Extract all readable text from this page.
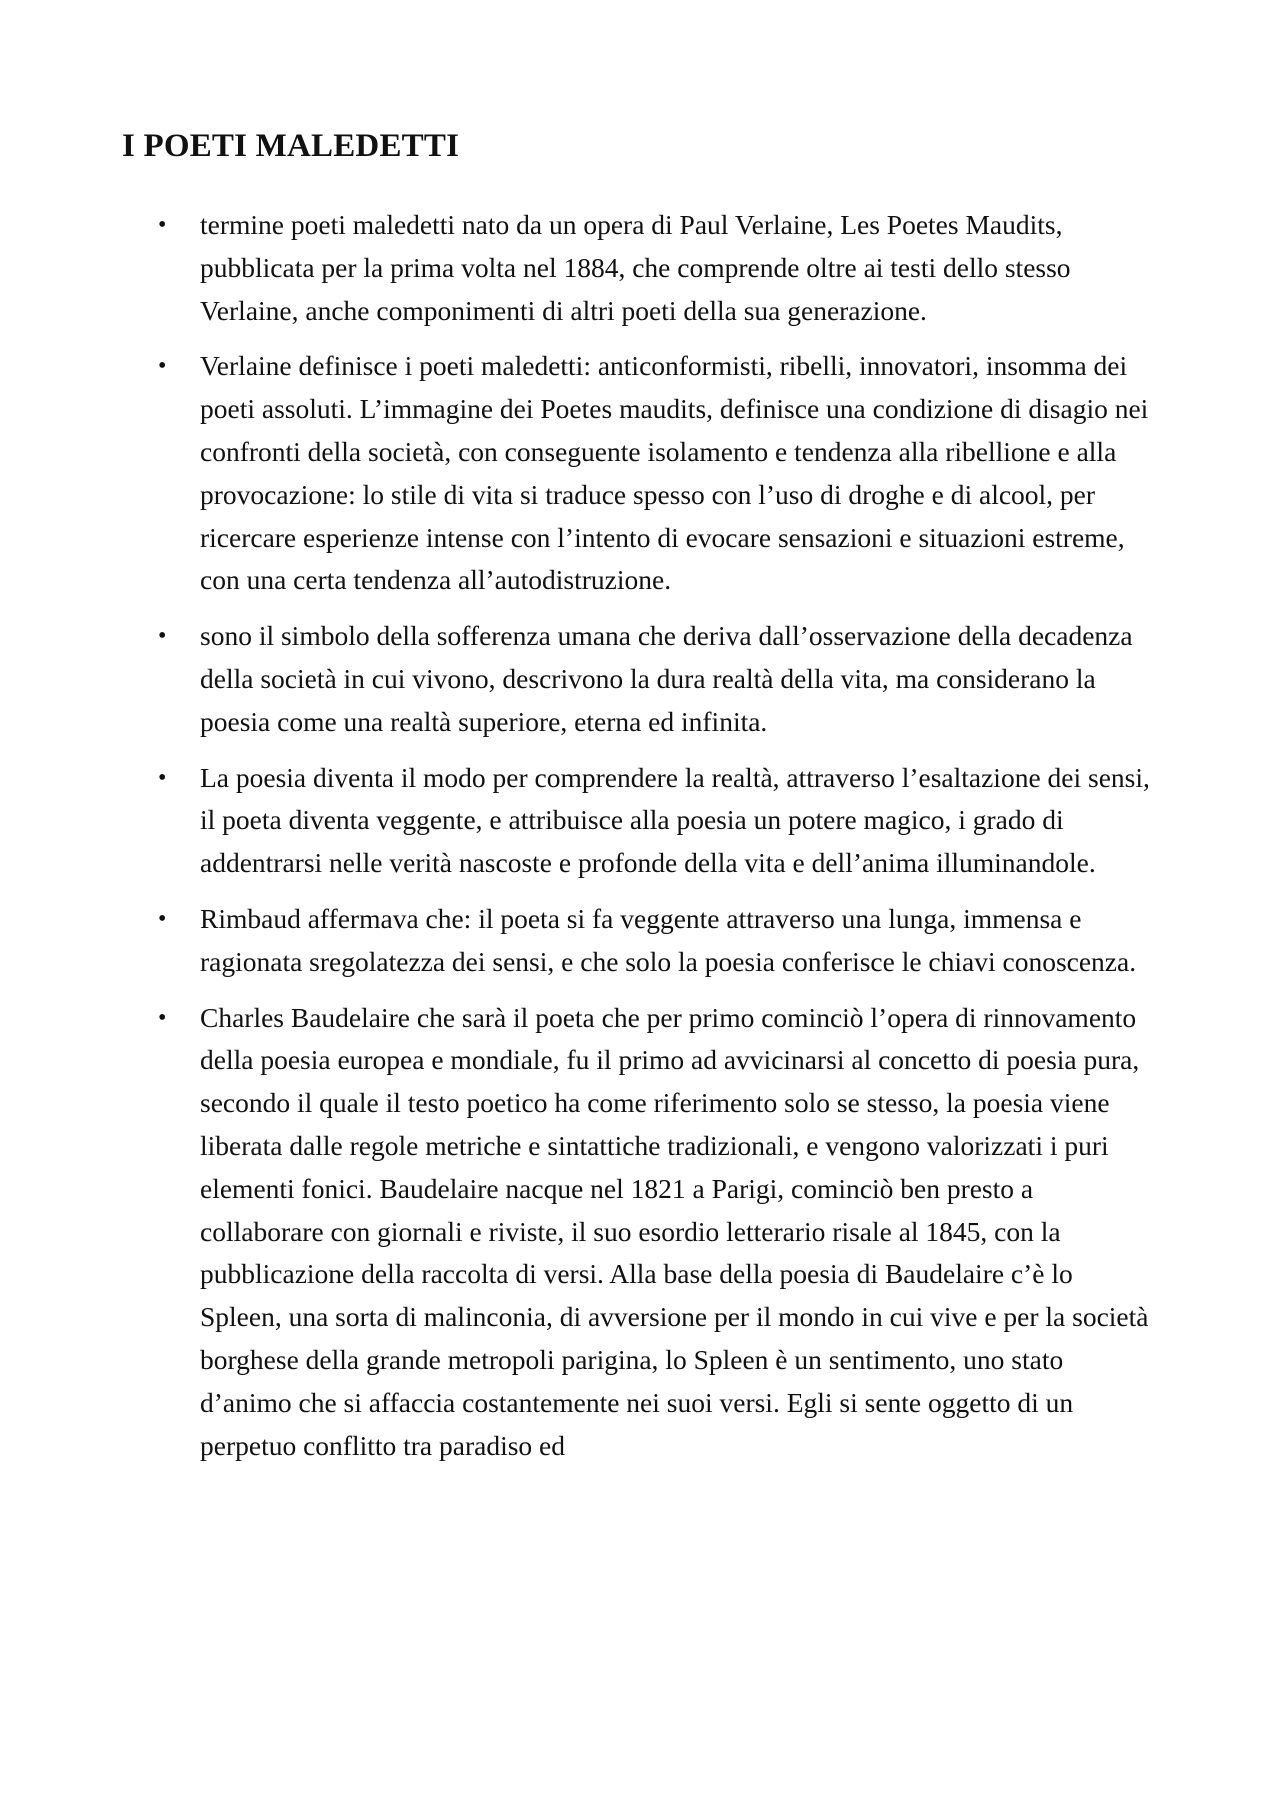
I POETI MALEDETTI
• termine poeti maledetti nato da un opera di Paul Verlaine, Les Poetes Maudits, pubblicata per la prima volta nel 1884, che comprende oltre ai testi dello stesso Verlaine, anche componimenti di altri poeti della sua generazione.
• Verlaine definisce i poeti maledetti: anticonformisti, ribelli, innovatori, insomma dei poeti assoluti. L’immagine dei Poetes maudits, definisce una condizione di disagio nei confronti della società, con conseguente isolamento e tendenza alla ribellione e alla provocazione: lo stile di vita si traduce spesso con l’uso di droghe e di alcool, per ricercare esperienze intense con l’intento di evocare sensazioni e situazioni estreme, con una certa tendenza all’autodistruzione.
• sono il simbolo della sofferenza umana che deriva dall’osservazione della decadenza della società in cui vivono, descrivono la dura realtà della vita, ma considerano la poesia come una realtà superiore, eterna ed infinita.
• La poesia diventa il modo per comprendere la realtà, attraverso l’esaltazione dei sensi, il poeta diventa veggente, e attribuisce alla poesia un potere magico, i grado di addentrarsi nelle verità nascoste e profonde della vita e dell’anima illuminandole.
• Rimbaud affermava che: il poeta si fa veggente attraverso una lunga, immensa e ragionata sregolatezza dei sensi, e che solo la poesia conferisce le chiavi conoscenza.
• Charles Baudelaire che sarà il poeta che per primo cominciò l’opera di rinnovamento della poesia europea e mondiale, fu il primo ad avvicinarsi al concetto di poesia pura, secondo il quale il testo poetico ha come riferimento solo se stesso, la poesia viene liberata dalle regole metriche e sintattiche tradizionali, e vengono valorizzati i puri elementi fonici. Baudelaire nacque nel 1821 a Parigi, cominciò ben presto a collaborare con giornali e riviste, il suo esordio letterario risale al 1845, con la pubblicazione della raccolta di versi. Alla base della poesia di Baudelaire c’è lo Spleen, una sorta di malinconia, di avversione per il mondo in cui vive e per la società borghese della grande metropoli parigina, lo Spleen è un sentimento, uno stato d’animo che si affaccia costantemente nei suoi versi. Egli si sente oggetto di un perpetuo conflitto tra paradiso ed
